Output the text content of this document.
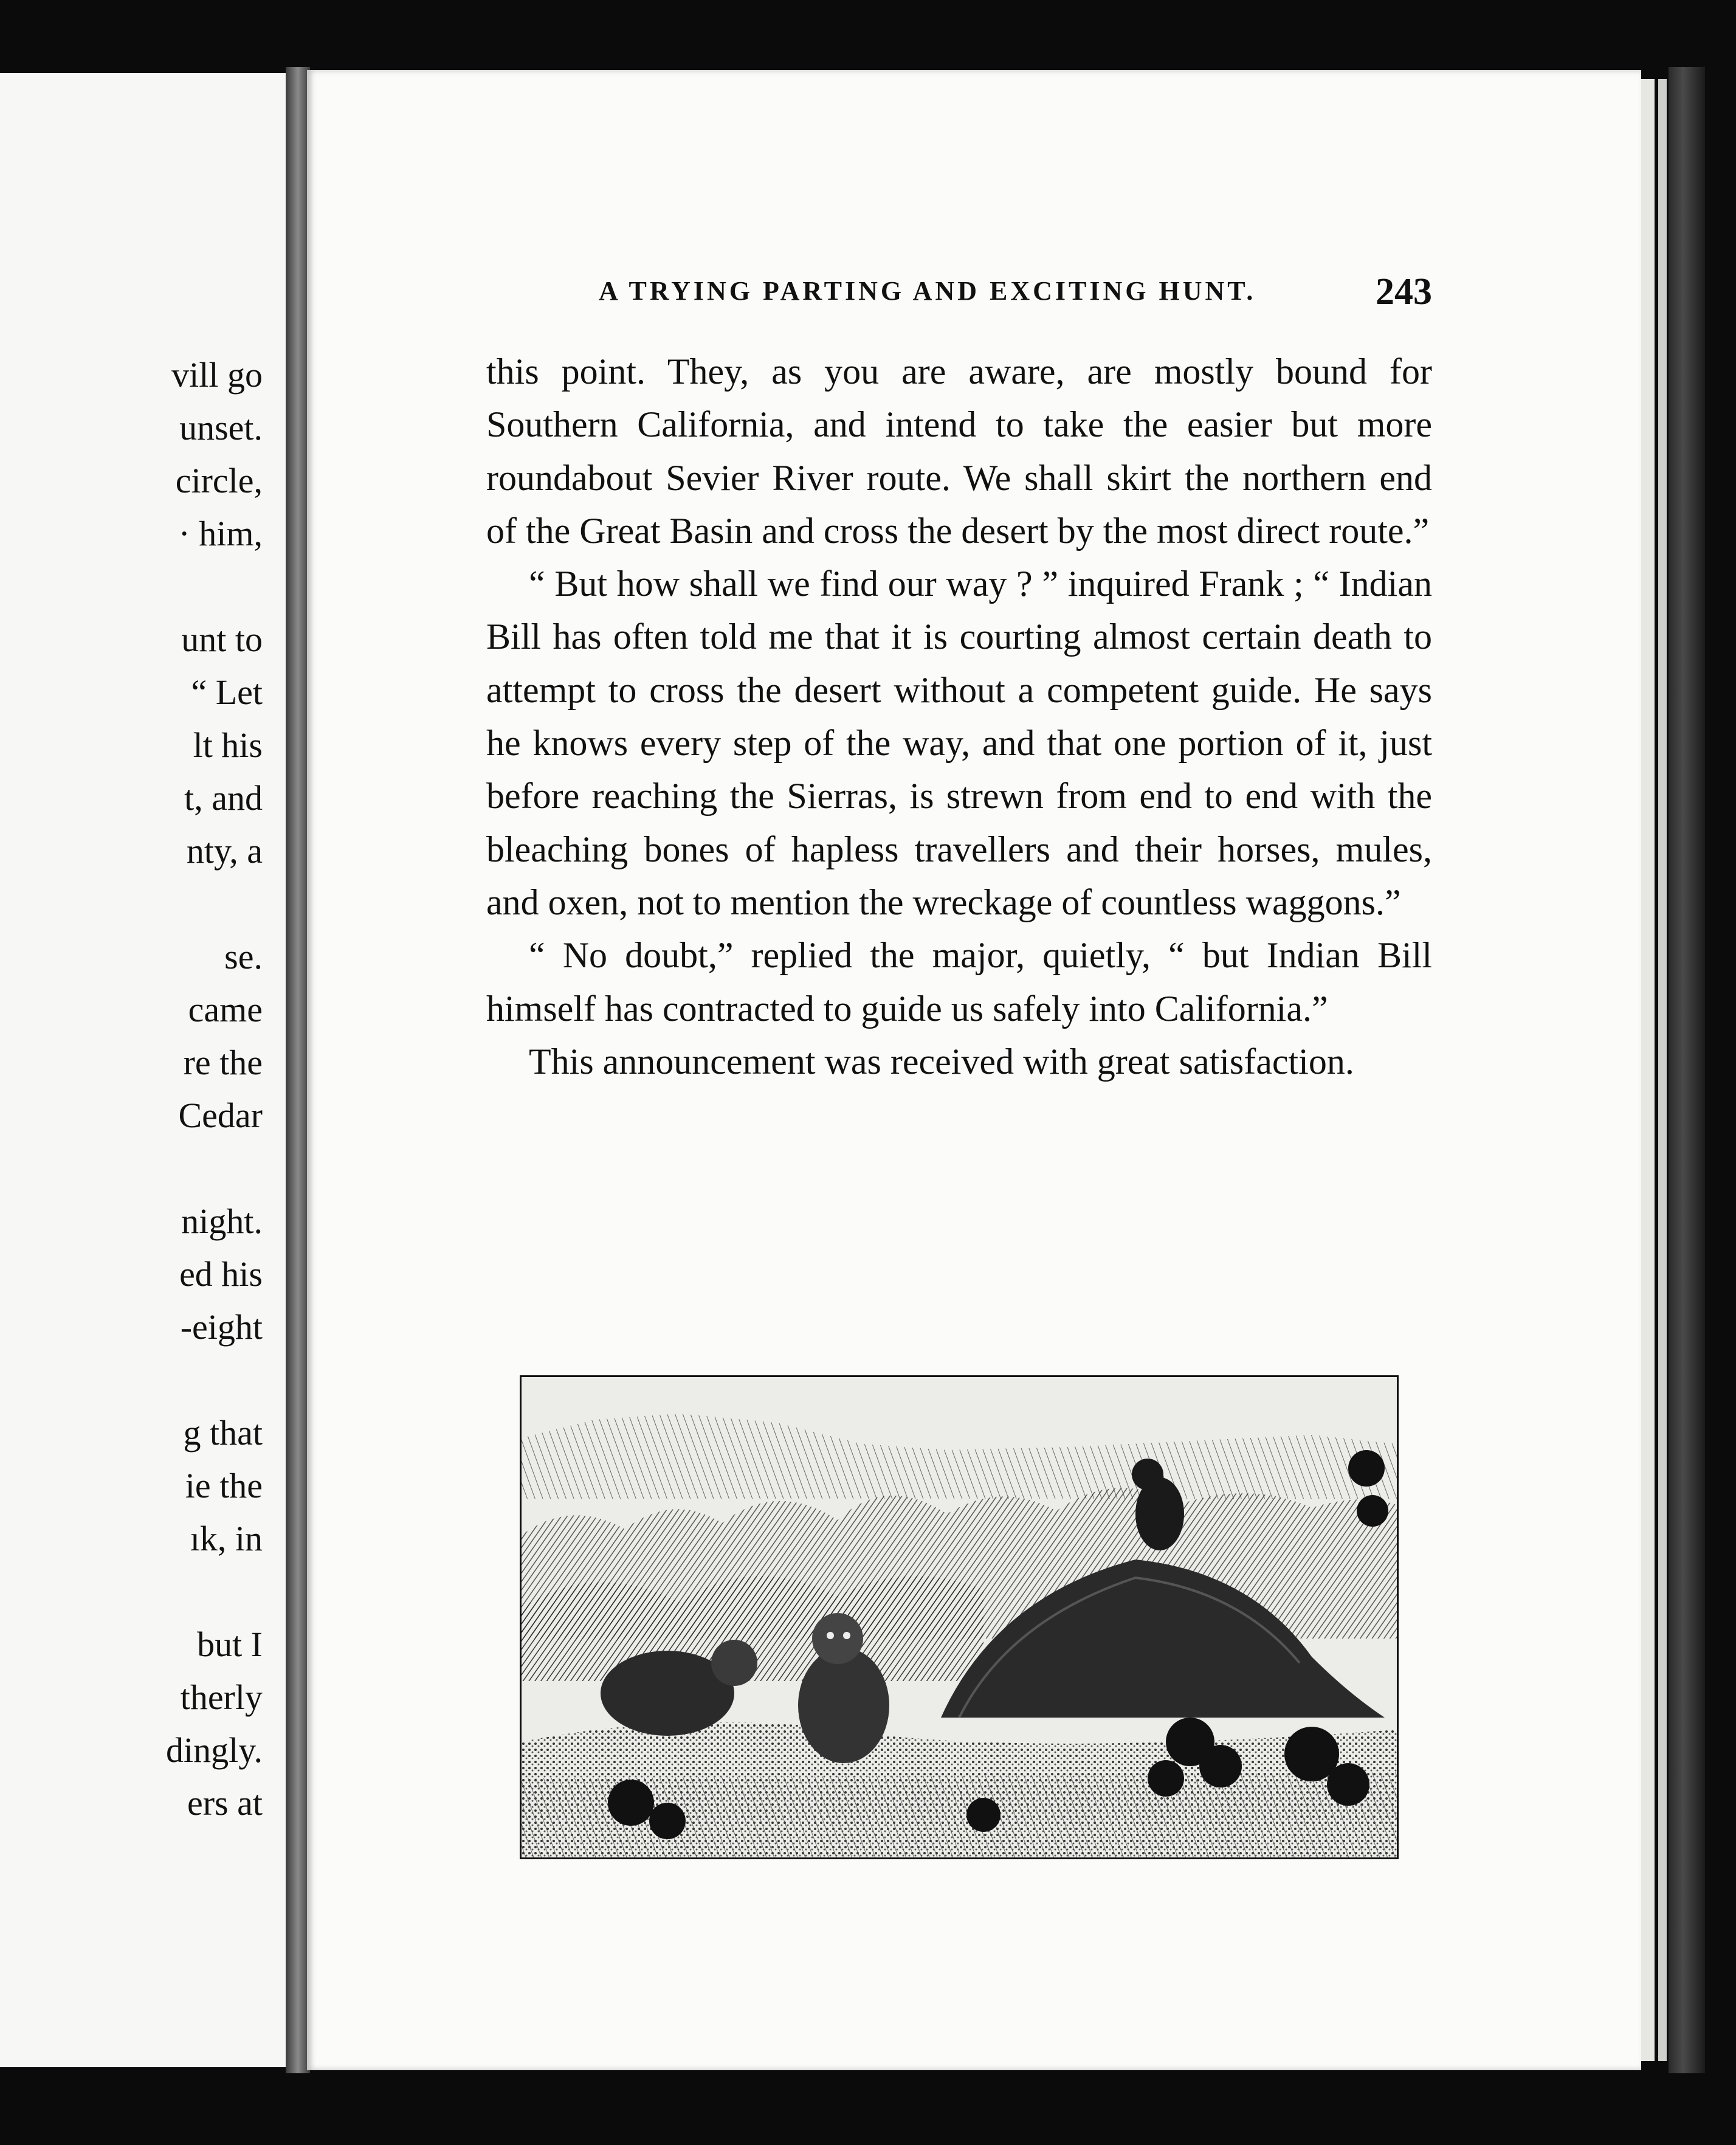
vill go
unset.
circle,
· him,
unt to
“ Let
lt his
t, and
nty, a
se.
came
re the
Cedar
night.
ed his
-eight
g that
ie the
ık, in
but I
therly
dingly.
ers at
A TRYING PARTING AND EXCITING HUNT.	243

this point. They, as you are aware, are mostly bound for Southern California, and intend to take the easier but more roundabout Sevier River route. We shall skirt the northern end of the Great Basin and cross the desert by the most direct route.”

“ But how shall we find our way ? ” inquired Frank ; “ Indian Bill has often told me that it is courting almost certain death to attempt to cross the desert without a competent guide. He says he knows every step of the way, and that one portion of it, just before reaching the Sierras, is strewn from end to end with the bleaching bones of hapless travellers and their horses, mules, and oxen, not to mention the wreckage of countless waggons.”

“ No doubt,” replied the major, quietly, “ but Indian Bill himself has contracted to guide us safely into California.”

This announcement was received with great satisfaction.
